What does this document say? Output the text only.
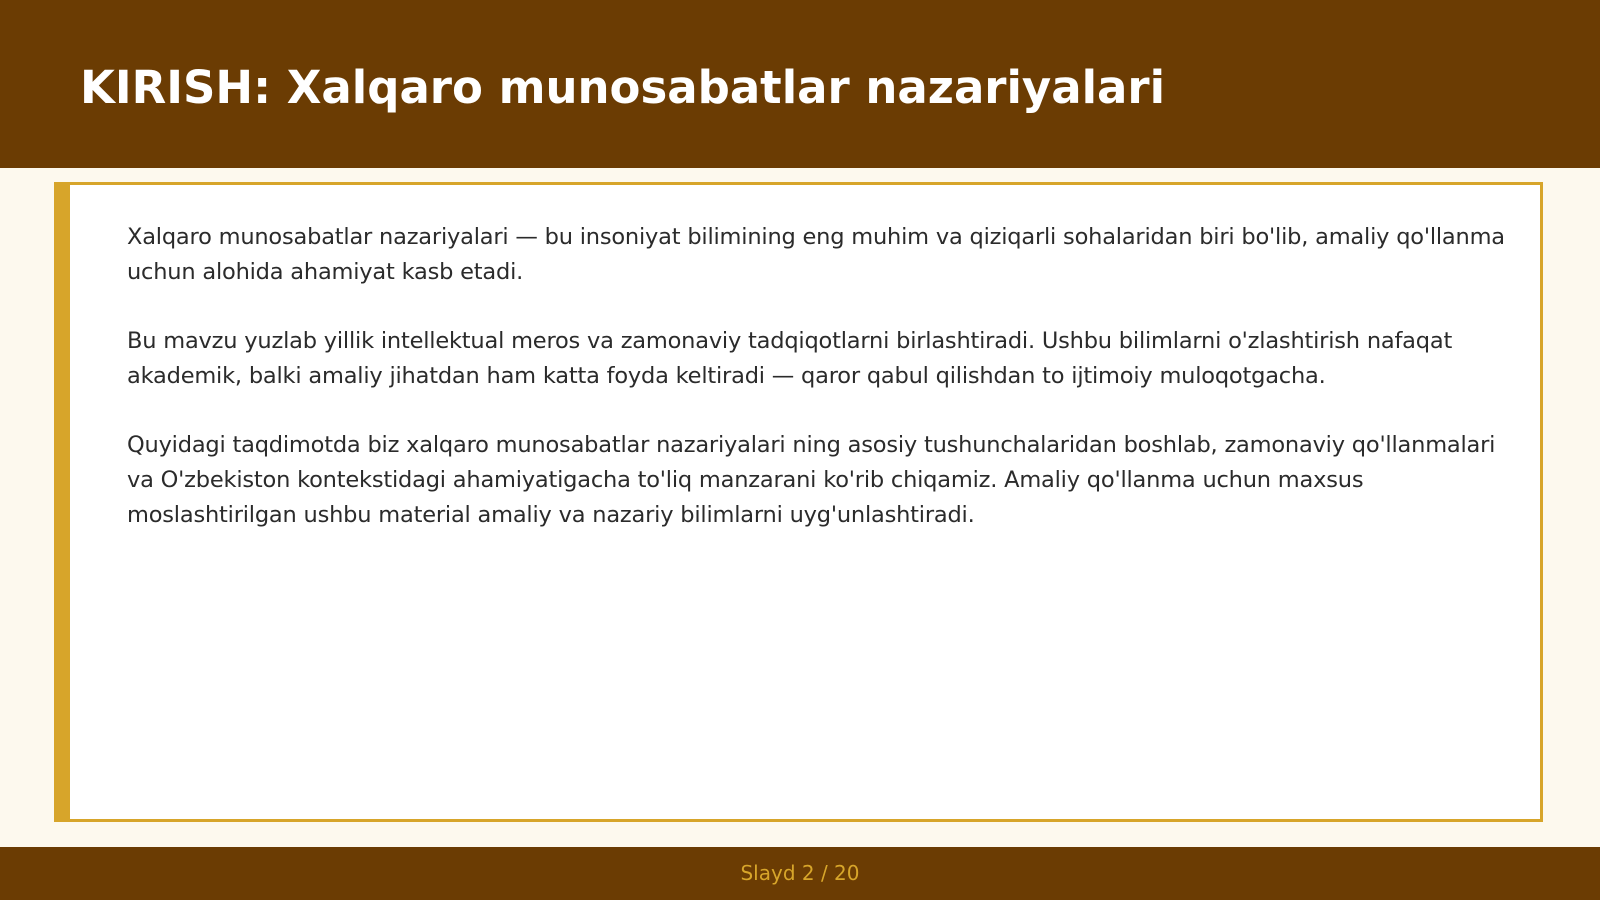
KIRISH: Xalqaro munosabatlar nazariyalari

Xalqaro munosabatlar nazariyalari — bu insoniyat bilimining eng muhim va qiziqarli sohalaridan biri bo'lib, amaliy qo'llanma uchun alohida ahamiyat kasb etadi.

Bu mavzu yuzlab yillik intellektual meros va zamonaviy tadqiqotlarni birlashtiradi. Ushbu bilimlarni o'zlashtirish nafaqat akademik, balki amaliy jihatdan ham katta foyda keltiradi — qaror qabul qilishdan to ijtimoiy muloqotgacha.

Quyidagi taqdimotda biz xalqaro munosabatlar nazariyalari ning asosiy tushunchalaridan boshlab, zamonaviy qo'llanmalari va O'zbekiston kontekstidagi ahamiyatigacha to'liq manzarani ko'rib chiqamiz. Amaliy qo'llanma uchun maxsus moslashtirilgan ushbu material amaliy va nazariy bilimlarni uyg'unlashtiradi.

Slayd 2 / 20
